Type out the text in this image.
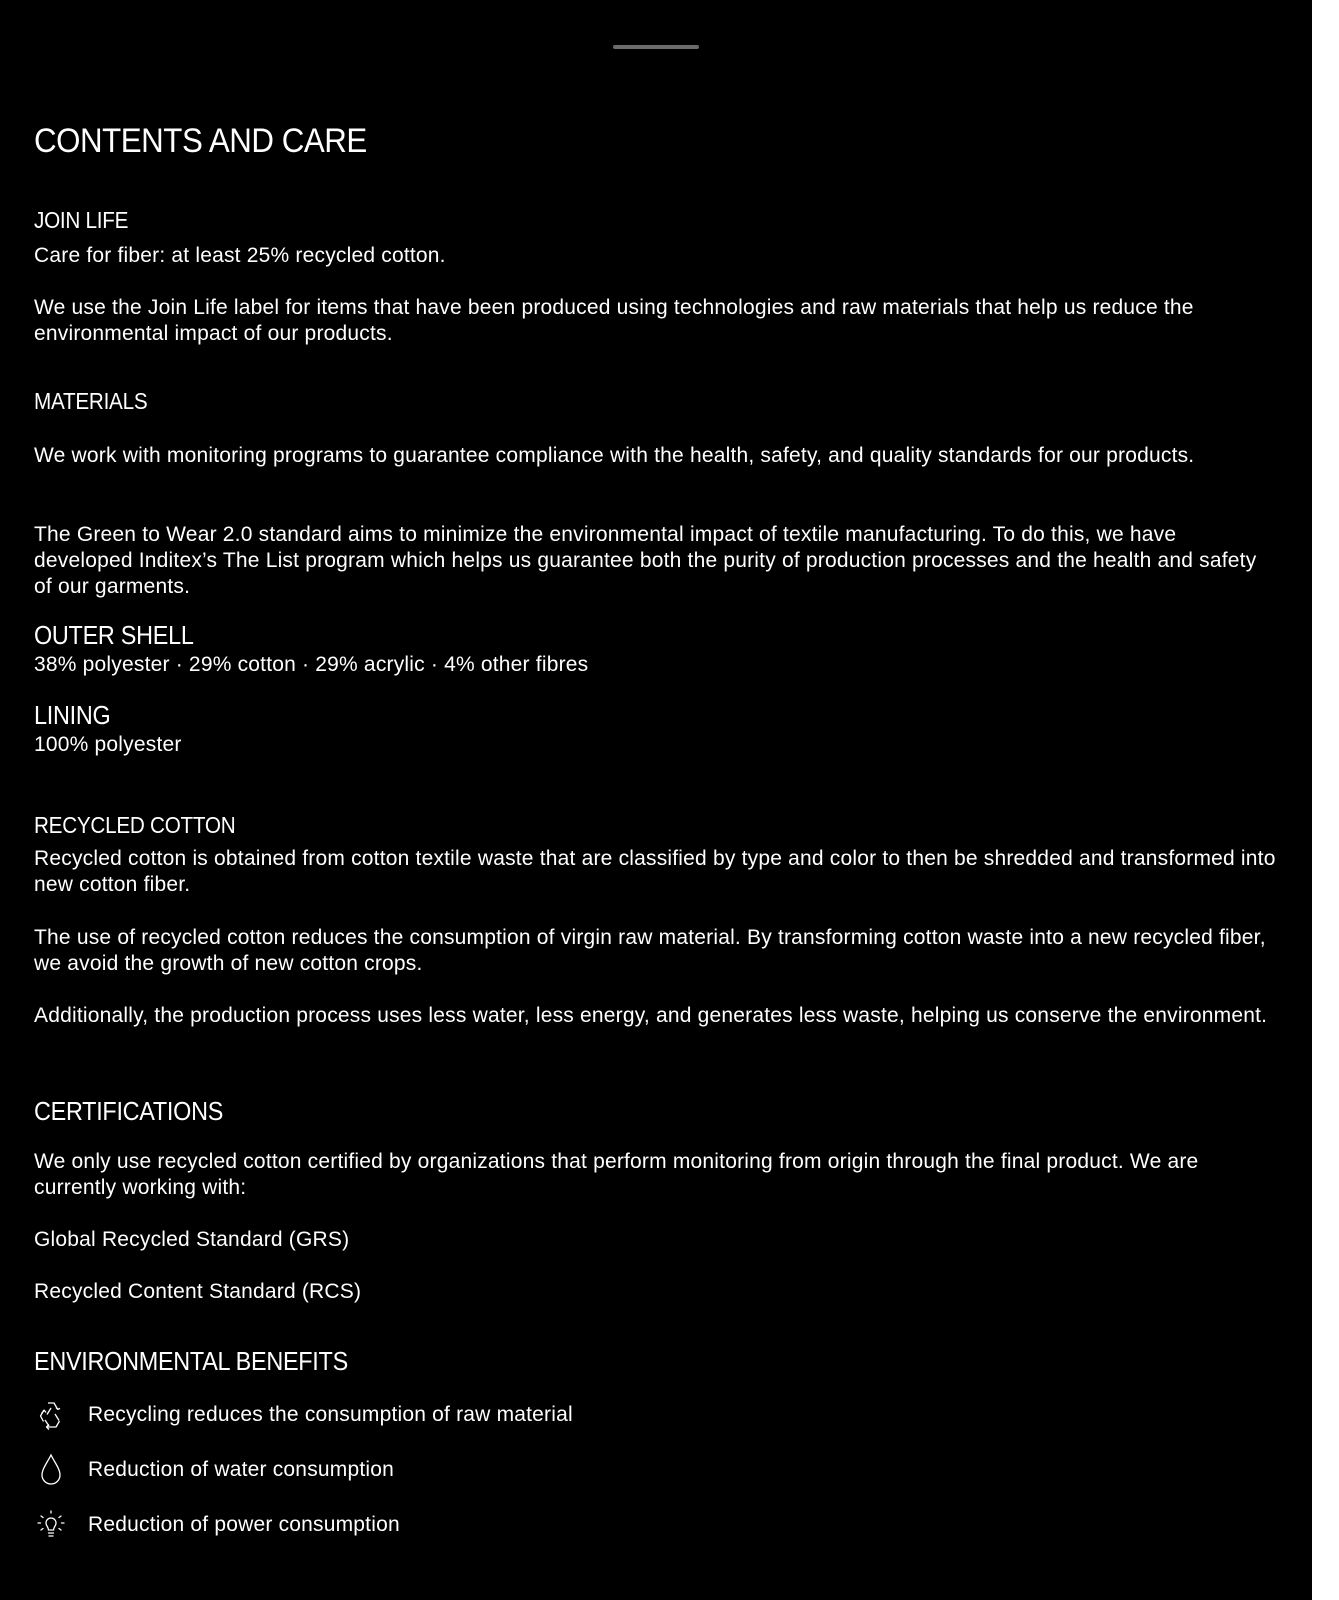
CONTENTS AND CARE
JOIN LIFE
Care for fiber: at least 25% recycled cotton.
We use the Join Life label for items that have been produced using technologies and raw materials that help us reduce the environmental impact of our products.
MATERIALS
We work with monitoring programs to guarantee compliance with the health, safety, and quality standards for our products.
The Green to Wear 2.0 standard aims to minimize the environmental impact of textile manufacturing. To do this, we have developed Inditex’s The List program which helps us guarantee both the purity of production processes and the health and safety of our garments.
OUTER SHELL
38% polyester · 29% cotton · 29% acrylic · 4% other fibres
LINING
100% polyester
RECYCLED COTTON
Recycled cotton is obtained from cotton textile waste that are classified by type and color to then be shredded and transformed into new cotton fiber.
The use of recycled cotton reduces the consumption of virgin raw material. By transforming cotton waste into a new recycled fiber, we avoid the growth of new cotton crops.
Additionally, the production process uses less water, less energy, and generates less waste, helping us conserve the environment.
CERTIFICATIONS
We only use recycled cotton certified by organizations that perform monitoring from origin through the final product. We are currently working with:
Global Recycled Standard (GRS)
Recycled Content Standard (RCS)
ENVIRONMENTAL BENEFITS
Recycling reduces the consumption of raw material
Reduction of water consumption
Reduction of power consumption
